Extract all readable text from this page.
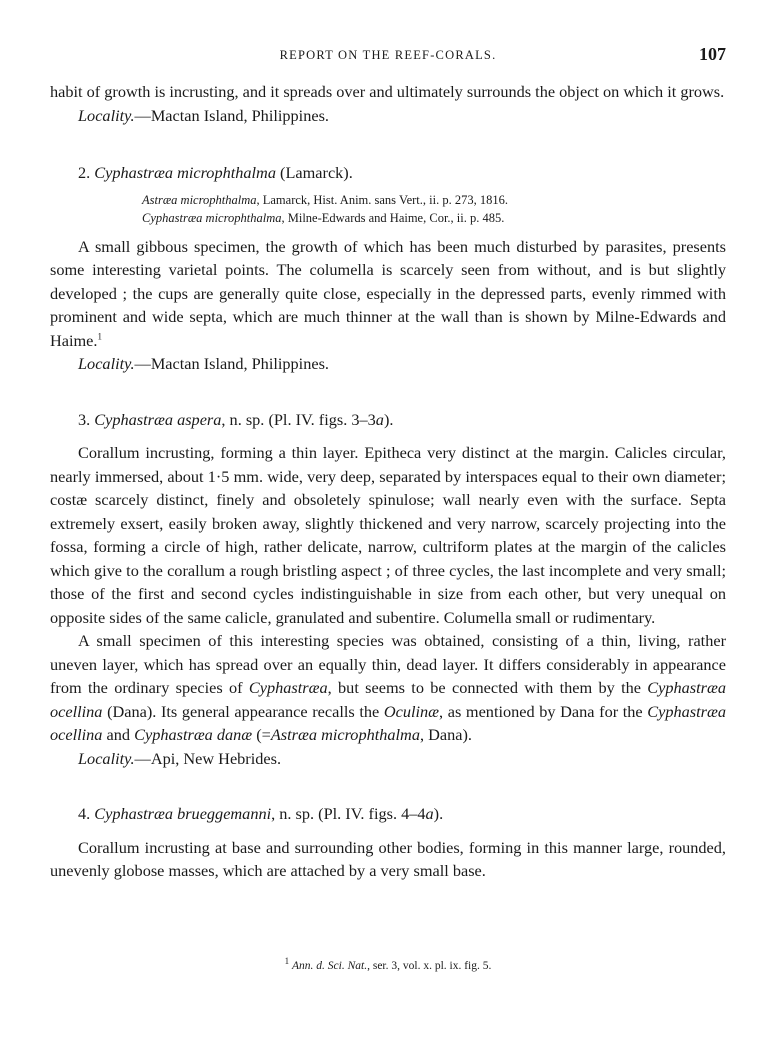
REPORT ON THE REEF-CORALS.	107

habit of growth is incrusting, and it spreads over and ultimately surrounds the object on which it grows.

Locality.—Mactan Island, Philippines.

2. Cyphastræa microphthalma (Lamarck).

Astræa microphthalma, Lamarck, Hist. Anim. sans Vert., ii. p. 273, 1816.
Cyphastræa microphthalma, Milne-Edwards and Haime, Cor., ii. p. 485.

A small gibbous specimen, the growth of which has been much disturbed by parasites, presents some interesting varietal points. The columella is scarcely seen from without, and is but slightly developed ; the cups are generally quite close, especially in the depressed parts, evenly rimmed with prominent and wide septa, which are much thinner at the wall than is shown by Milne-Edwards and Haime.$^1$

Locality.—Mactan Island, Philippines.

3. Cyphastræa aspera, n. sp. (Pl. IV. figs. 3–3a).

Corallum incrusting, forming a thin layer. Epitheca very distinct at the margin. Calicles circular, nearly immersed, about 1·5 mm. wide, very deep, separated by interspaces equal to their own diameter; costæ scarcely distinct, finely and obsoletely spinulose; wall nearly even with the surface. Septa extremely exsert, easily broken away, slightly thickened and very narrow, scarcely projecting into the fossa, forming a circle of high, rather delicate, narrow, cultriform plates at the margin of the calicles which give to the corallum a rough bristling aspect ; of three cycles, the last incomplete and very small; those of the first and second cycles indistinguishable in size from each other, but very unequal on opposite sides of the same calicle, granulated and subentire. Columella small or rudimentary.

A small specimen of this interesting species was obtained, consisting of a thin, living, rather uneven layer, which has spread over an equally thin, dead layer. It differs considerably in appearance from the ordinary species of Cyphastræa, but seems to be connected with them by the Cyphastræa ocellina (Dana). Its general appearance recalls the Oculinæ, as mentioned by Dana for the Cyphastræa ocellina and Cyphastræa danæ (=Astræa microphthalma, Dana).

Locality.—Api, New Hebrides.

4. Cyphastræa brueggemanni, n. sp. (Pl. IV. figs. 4–4a).

Corallum incrusting at base and surrounding other bodies, forming in this manner large, rounded, unevenly globose masses, which are attached by a very small base.

$^1$ Ann. d. Sci. Nat., ser. 3, vol. x. pl. ix. fig. 5.
